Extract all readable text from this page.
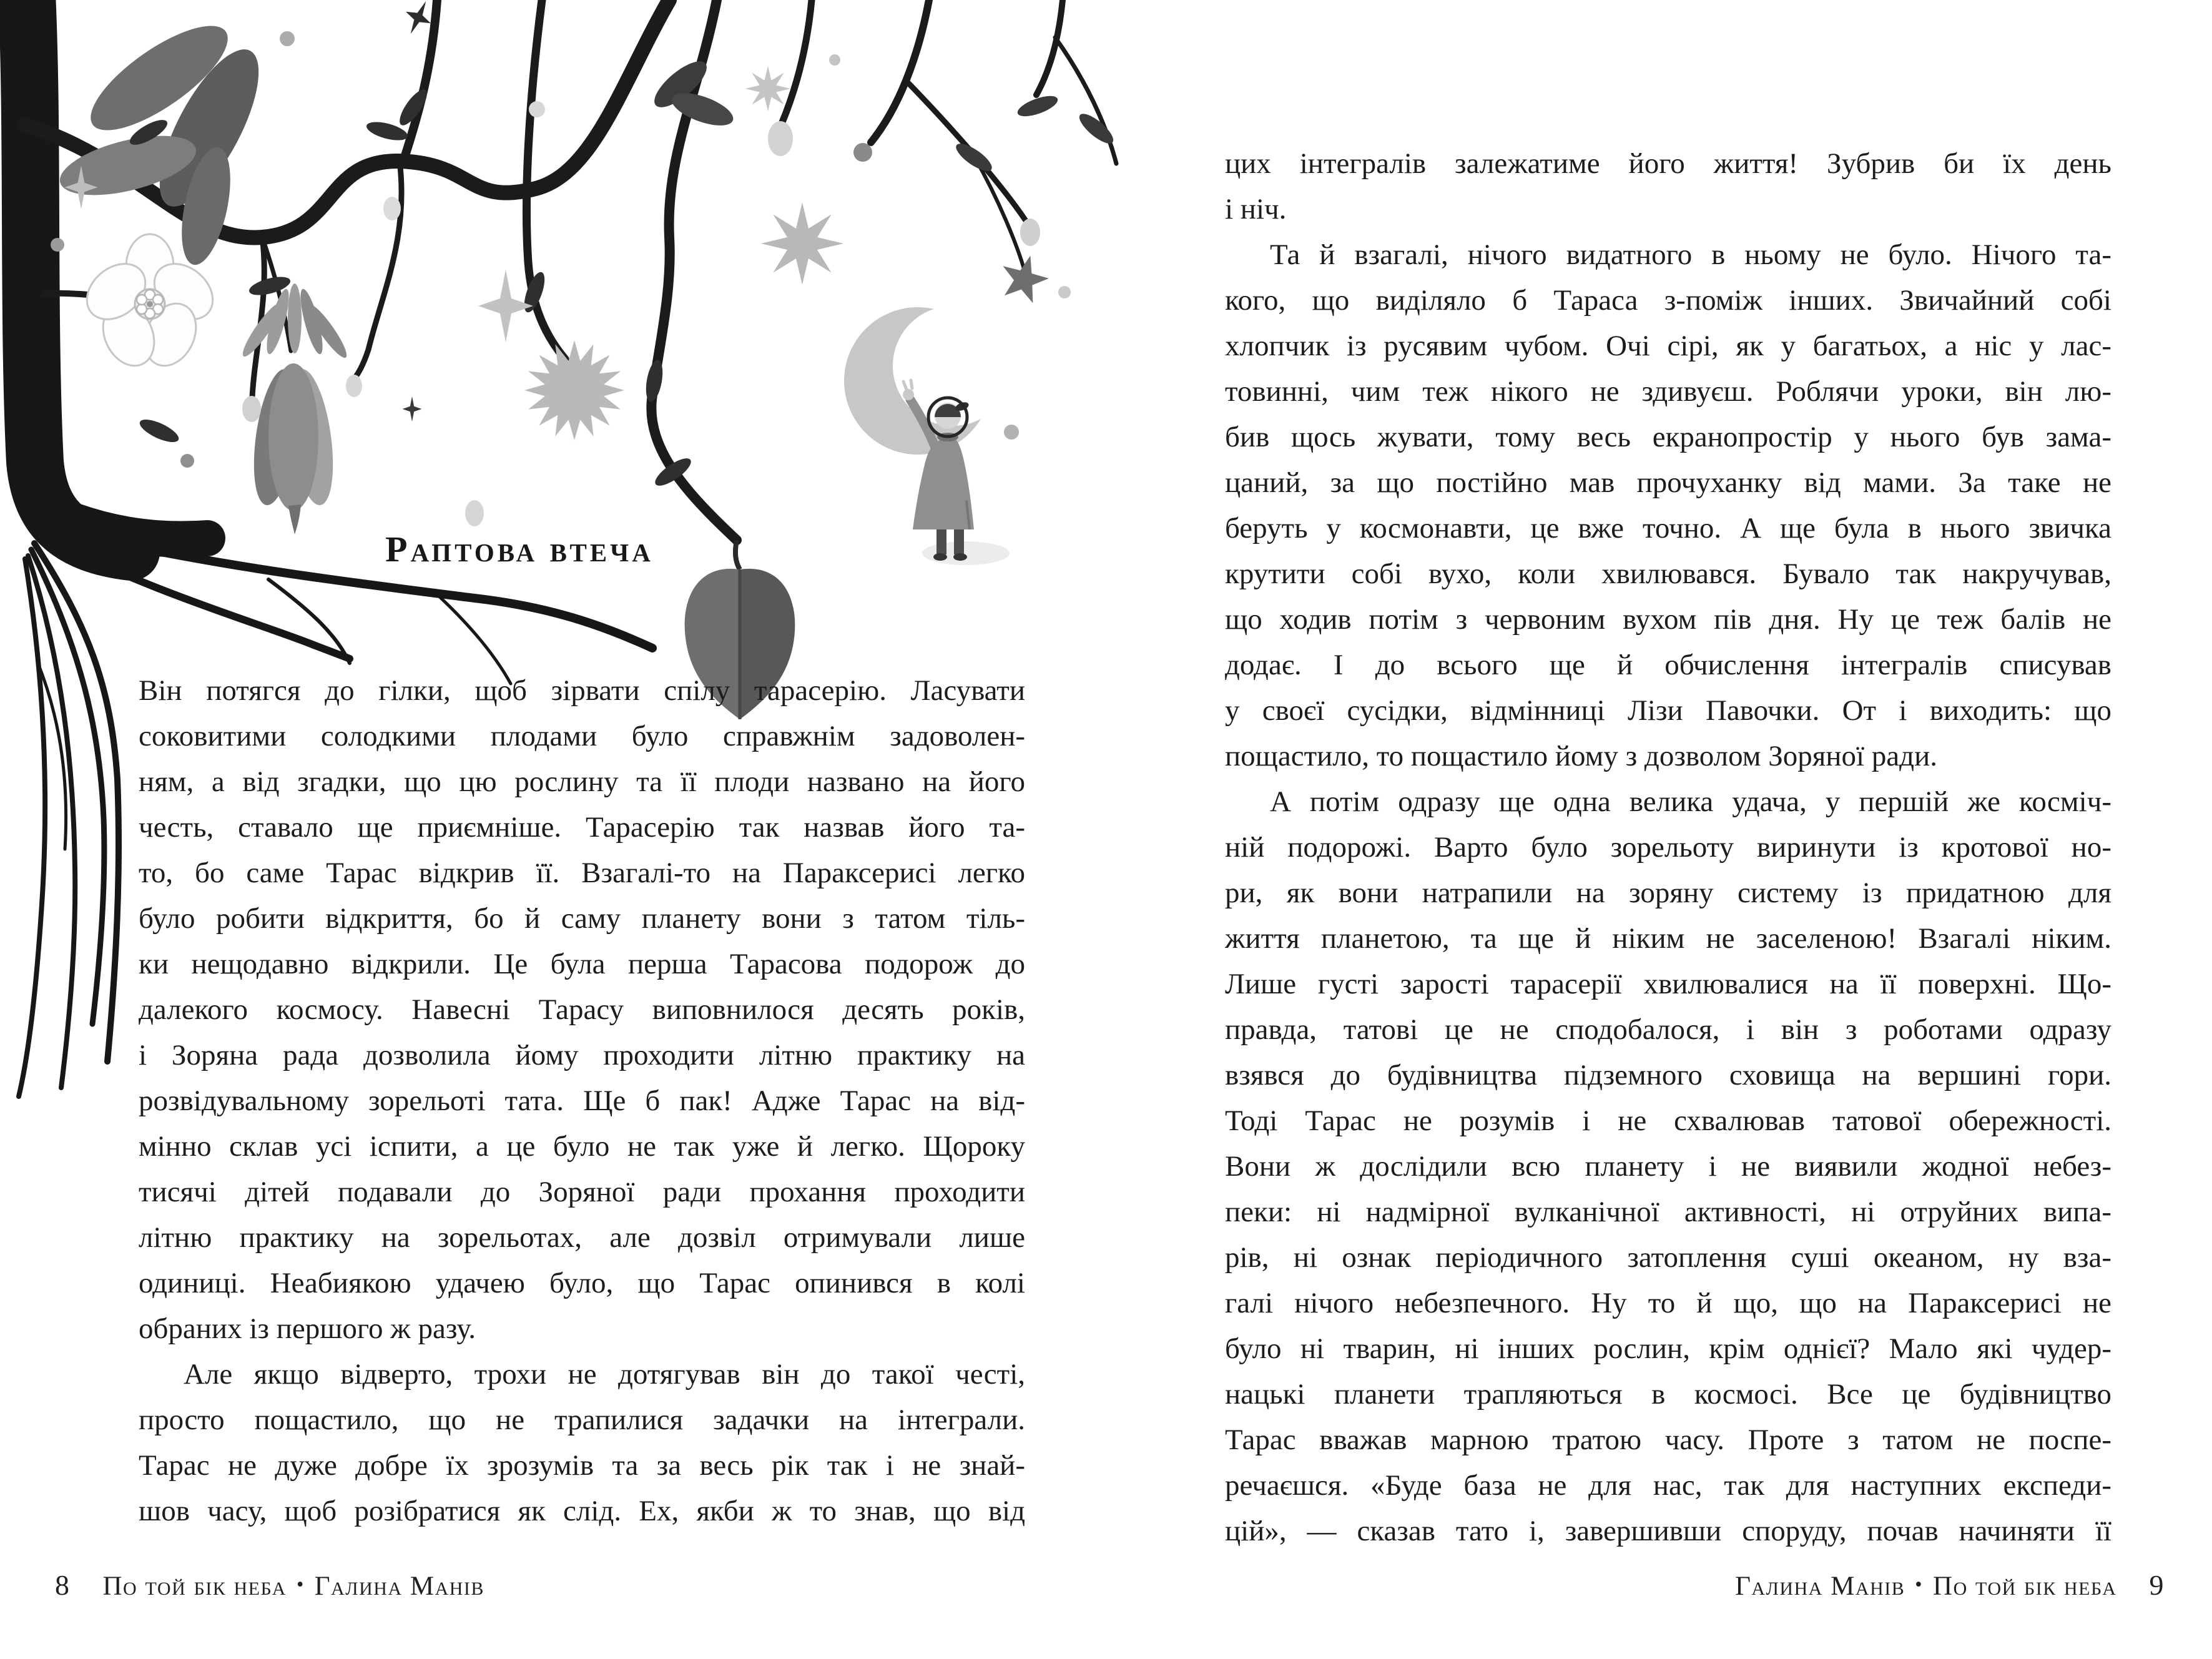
Раптова втеча
Він потягся до гілки, щоб зірвати спілу тарасерію. Ласувати
соковитими солодкими плодами було справжнім задоволен-
ням, а від згадки, що цю рослину та її плоди названо на його
честь, ставало ще приємніше. Тарасерію так назвав його та-
то, бо саме Тарас відкрив її. Взагалі-то на Параксерисі легко
було робити відкриття, бо й саму планету вони з татом тіль-
ки нещодавно відкрили. Це була перша Тарасова подорож до
далекого космосу. Навесні Тарасу виповнилося десять років,
і Зоряна рада дозволила йому проходити літню практику на
розвідувальному зорельоті тата. Ще б пак! Адже Тарас на від-
мінно склав усі іспити, а це було не так уже й легко. Щороку
тисячі дітей подавали до Зоряної ради прохання проходити
літню практику на зорельотах, але дозвіл отримували лише
одиниці. Неабиякою удачею було, що Тарас опинився в колі
обраних із першого ж разу.
Але якщо відверто, трохи не дотягував він до такої честі,
просто пощастило, що не трапилися задачки на інтеграли.
Тарас не дуже добре їх зрозумів та за весь рік так і не знай-
шов часу, щоб розібратися як слід. Ех, якби ж то знав, що від
8 По той бік неба • Галина Манів
цих інтегралів залежатиме його життя! Зубрив би їх день
і ніч.
Та й взагалі, нічого видатного в ньому не було. Нічого та-
кого, що виділяло б Тараса з-поміж інших. Звичайний собі
хлопчик із русявим чубом. Очі сірі, як у багатьох, а ніс у лас-
товинні, чим теж нікого не здивуєш. Роблячи уроки, він лю-
бив щось жувати, тому весь екранопростір у нього був зама-
цаний, за що постійно мав прочуханку від мами. За таке не
беруть у космонавти, це вже точно. А ще була в нього звичка
крутити собі вухо, коли хвилювався. Бувало так накручував,
що ходив потім з червоним вухом пів дня. Ну це теж балів не
додає. І до всього ще й обчислення інтегралів списував
у своєї сусідки, відмінниці Лізи Павочки. От і виходить: що
пощастило, то пощастило йому з дозволом Зоряної ради.
А потім одразу ще одна велика удача, у першій же косміч-
ній подорожі. Варто було зорельоту виринути із кротової но-
ри, як вони натрапили на зоряну систему із придатною для
життя планетою, та ще й ніким не заселеною! Взагалі ніким.
Лише густі зарості тарасерії хвилювалися на її поверхні. Що-
правда, татові це не сподобалося, і він з роботами одразу
взявся до будівництва підземного сховища на вершині гори.
Тоді Тарас не розумів і не схвалював татової обережності.
Вони ж дослідили всю планету і не виявили жодної небез-
пеки: ні надмірної вулканічної активності, ні отруйних випа-
рів, ні ознак періодичного затоплення суші океаном, ну вза-
галі нічого небезпечного. Ну то й що, що на Параксерисі не
було ні тварин, ні інших рослин, крім однієї? Мало які чудер-
нацькі планети трапляються в космосі. Все це будівництво
Тарас вважав марною тратою часу. Проте з татом не поспе-
речаєшся. «Буде база не для нас, так для наступних експеди-
цій», — сказав тато і, завершивши споруду, почав начиняти її
Галина Манів • По той бік неба 9
